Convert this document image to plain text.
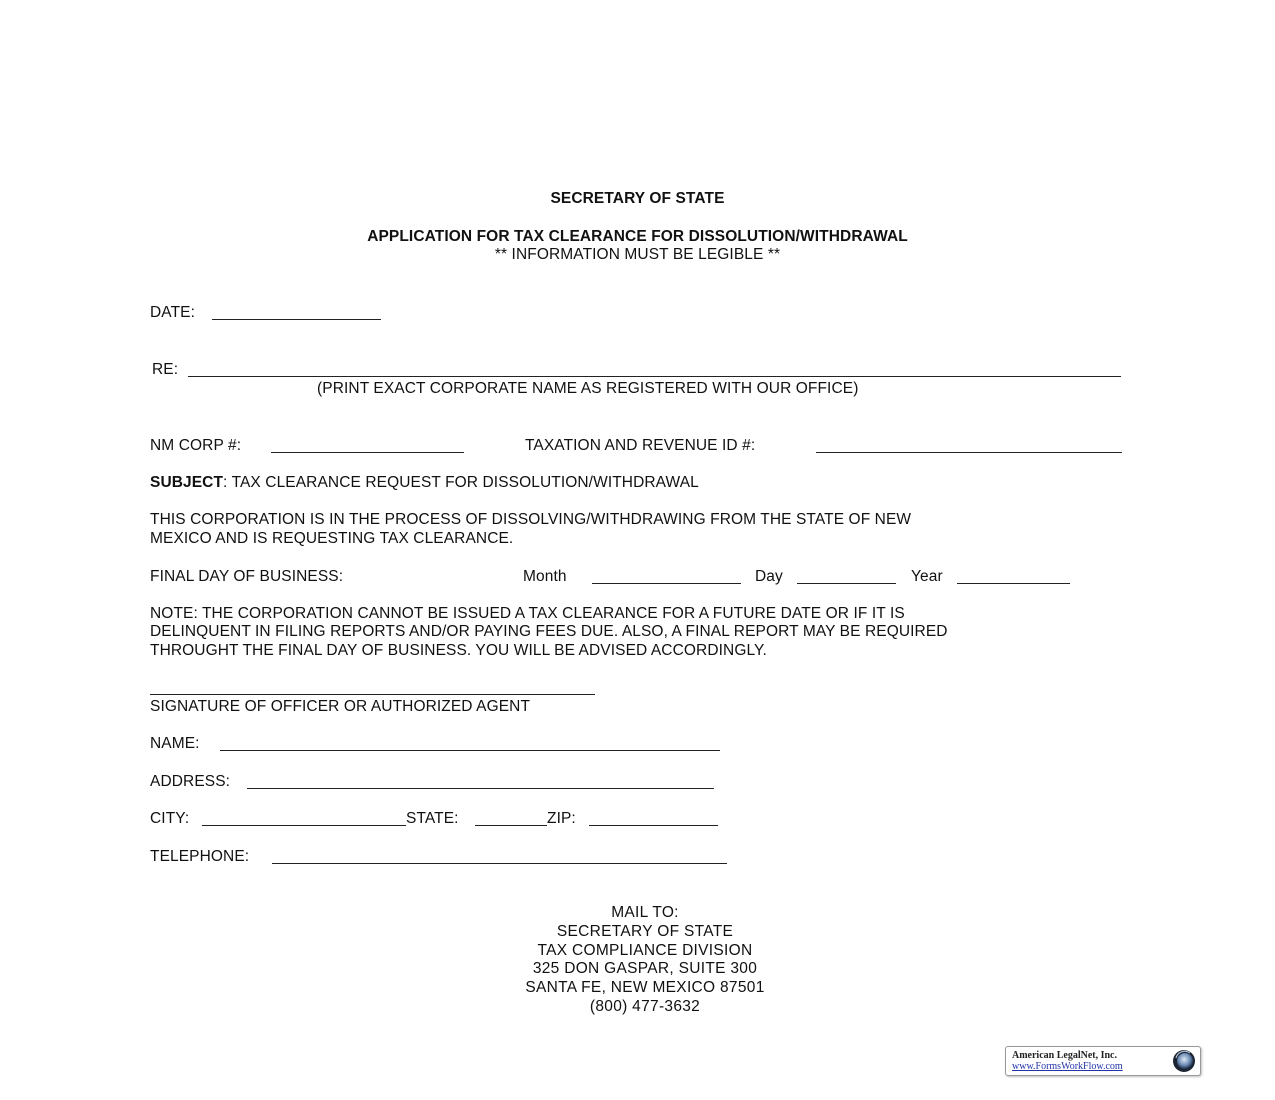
SECRETARY OF STATE
APPLICATION FOR TAX CLEARANCE FOR DISSOLUTION/WITHDRAWAL
** INFORMATION MUST BE LEGIBLE **
DATE:
RE:
(PRINT EXACT CORPORATE NAME AS REGISTERED WITH OUR OFFICE)
NM CORP #:	TAXATION AND REVENUE ID #:
SUBJECT: TAX CLEARANCE REQUEST FOR DISSOLUTION/WITHDRAWAL
THIS CORPORATION IS IN THE PROCESS OF DISSOLVING/WITHDRAWING FROM THE STATE OF NEW
MEXICO AND IS REQUESTING TAX CLEARANCE.
FINAL DAY OF BUSINESS:	Month	Day	Year
NOTE: THE CORPORATION CANNOT BE ISSUED A TAX CLEARANCE FOR A FUTURE DATE OR IF IT IS
DELINQUENT IN FILING REPORTS AND/OR PAYING FEES DUE. ALSO, A FINAL REPORT MAY BE REQUIRED
THROUGHT THE FINAL DAY OF BUSINESS. YOU WILL BE ADVISED ACCORDINGLY.
SIGNATURE OF OFFICER OR AUTHORIZED AGENT
NAME:
ADDRESS:
CITY:	STATE:	ZIP:
TELEPHONE:
MAIL TO:
SECRETARY OF STATE
TAX COMPLIANCE DIVISION
325 DON GASPAR, SUITE 300
SANTA FE, NEW MEXICO 87501
(800) 477-3632
American LegalNet, Inc.
www.FormsWorkFlow.com
